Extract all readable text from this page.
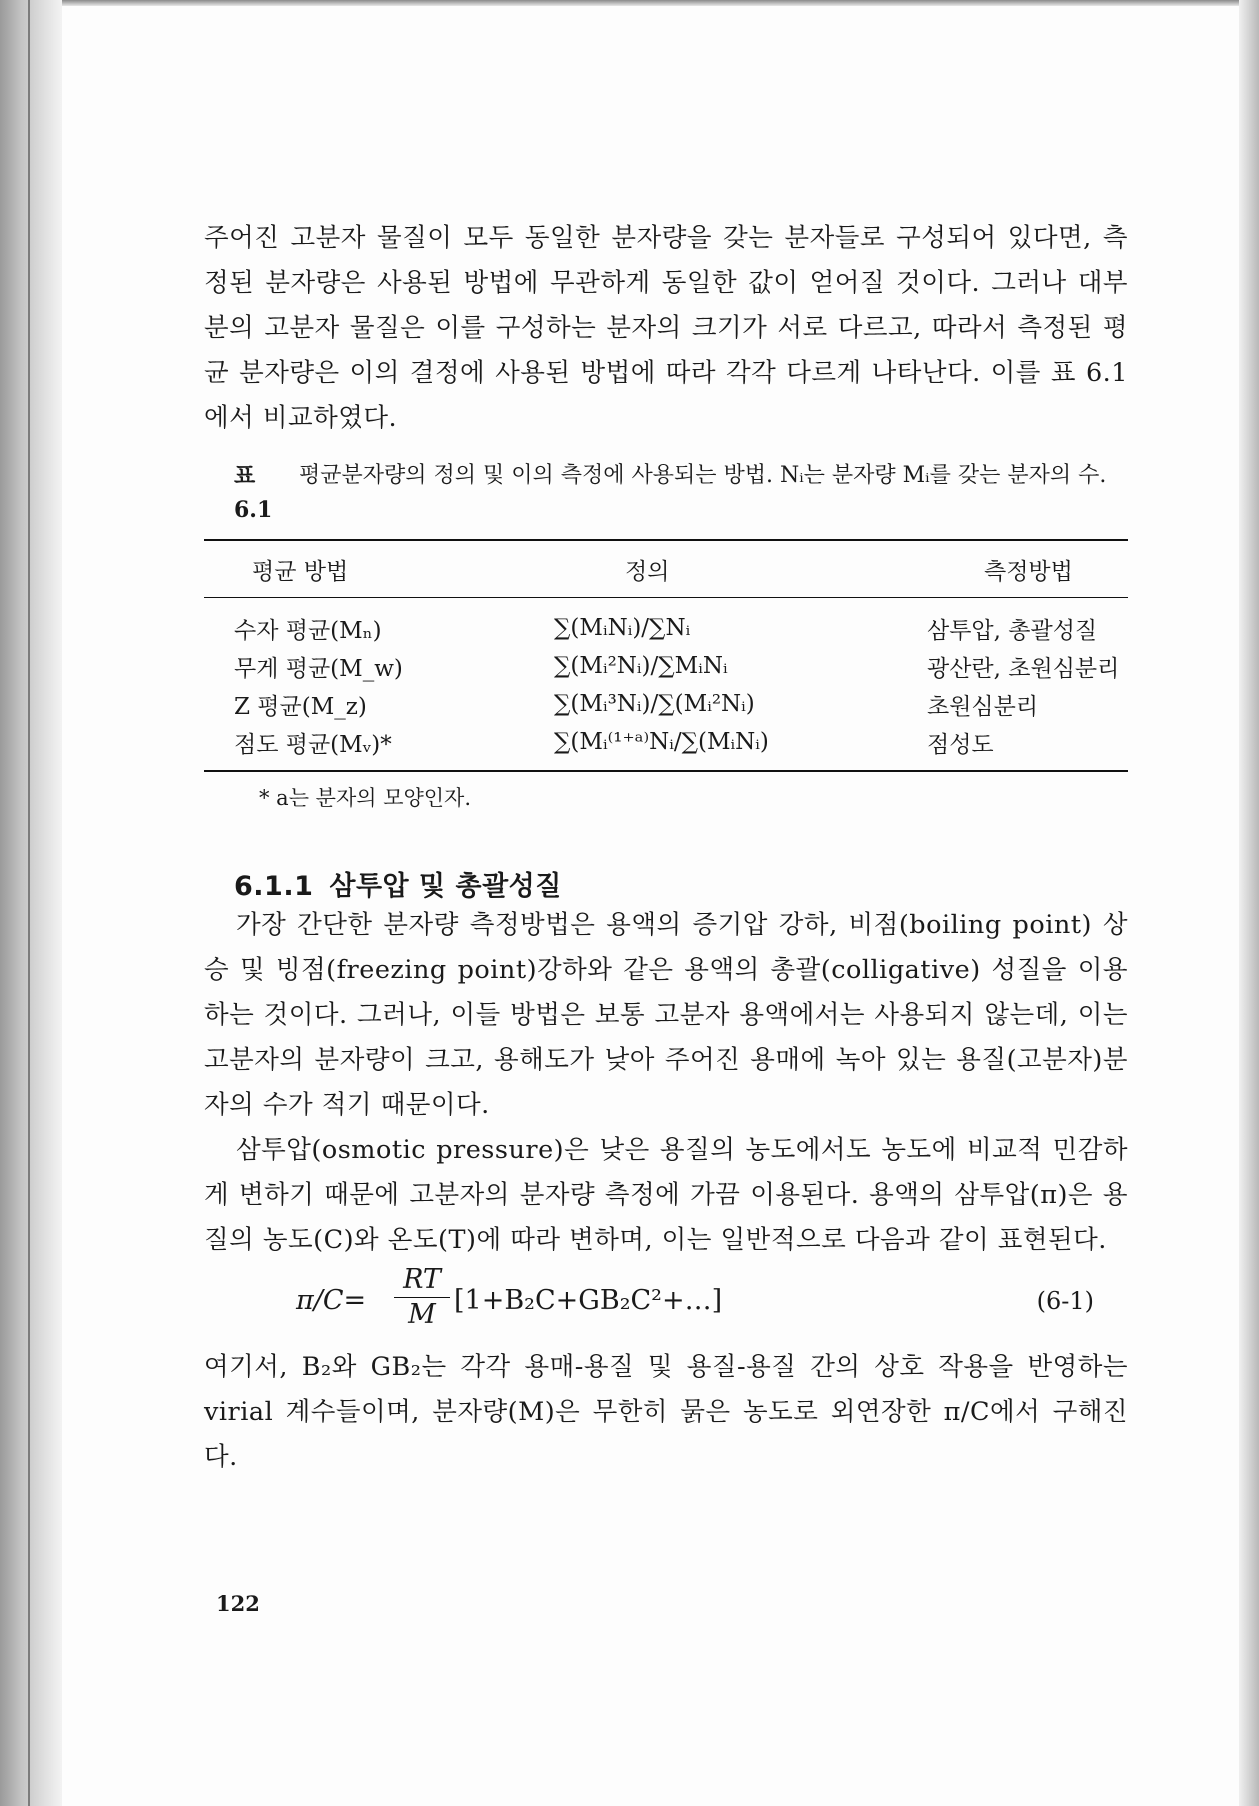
주어진 고분자 물질이 모두 동일한 분자량을 갖는 분자들로 구성되어 있다면, 측정된 분자량은 사용된 방법에 무관하게 동일한 값이 얻어질 것이다. 그러나 대부분의 고분자 물질은 이를 구성하는 분자의 크기가 서로 다르고, 따라서 측정된 평균 분자량은 이의 결정에 사용된 방법에 따라 각각 다르게 나타난다. 이를 표 6.1에서 비교하였다.

표 6.1
평균분자량의 정의 및 이의 측정에 사용되는 방법. Nᵢ는 분자량 Mᵢ를 갖는 분자의 수.
평균 방법	정의	측정방법
수자 평균(Mₙ)	∑(MᵢNᵢ)/∑Nᵢ	삼투압, 총괄성질
무게 평균(M_w)	∑(Mᵢ²Nᵢ)/∑MᵢNᵢ	광산란, 초원심분리
Z 평균(M_z)	∑(Mᵢ³Nᵢ)/∑(Mᵢ²Nᵢ)	초원심분리
점도 평균(Mᵥ)*	∑(Mᵢ⁽¹⁺ᵃ⁾Nᵢ/∑(MᵢNᵢ)	점성도
* a는 분자의 모양인자.
6.1.1 삼투압 및 총괄성질

가장 간단한 분자량 측정방법은 용액의 증기압 강하, 비점(boiling point) 상승 및 빙점(freezing point)강하와 같은 용액의 총괄(colligative) 성질을 이용하는 것이다. 그러나, 이들 방법은 보통 고분자 용액에서는 사용되지 않는데, 이는 고분자의 분자량이 크고, 용해도가 낮아 주어진 용매에 녹아 있는 용질(고분자)분자의 수가 적기 때문이다.

삼투압(osmotic pressure)은 낮은 용질의 농도에서도 농도에 비교적 민감하게 변하기 때문에 고분자의 분자량 측정에 가끔 이용된다. 용액의 삼투압(π)은 용질의 농도(C)와 온도(T)에 따라 변하며, 이는 일반적으로 다음과 같이 표현된다.

$\pi/C= \frac{RT}{M}$ [1+B₂C+GB₂C²+…]	(6-1)

여기서, B₂와 GB₂는 각각 용매-용질 및 용질-용질 간의 상호 작용을 반영하는 virial 계수들이며, 분자량(M)은 무한히 묽은 농도로 외연장한 π/C에서 구해진다.

122
